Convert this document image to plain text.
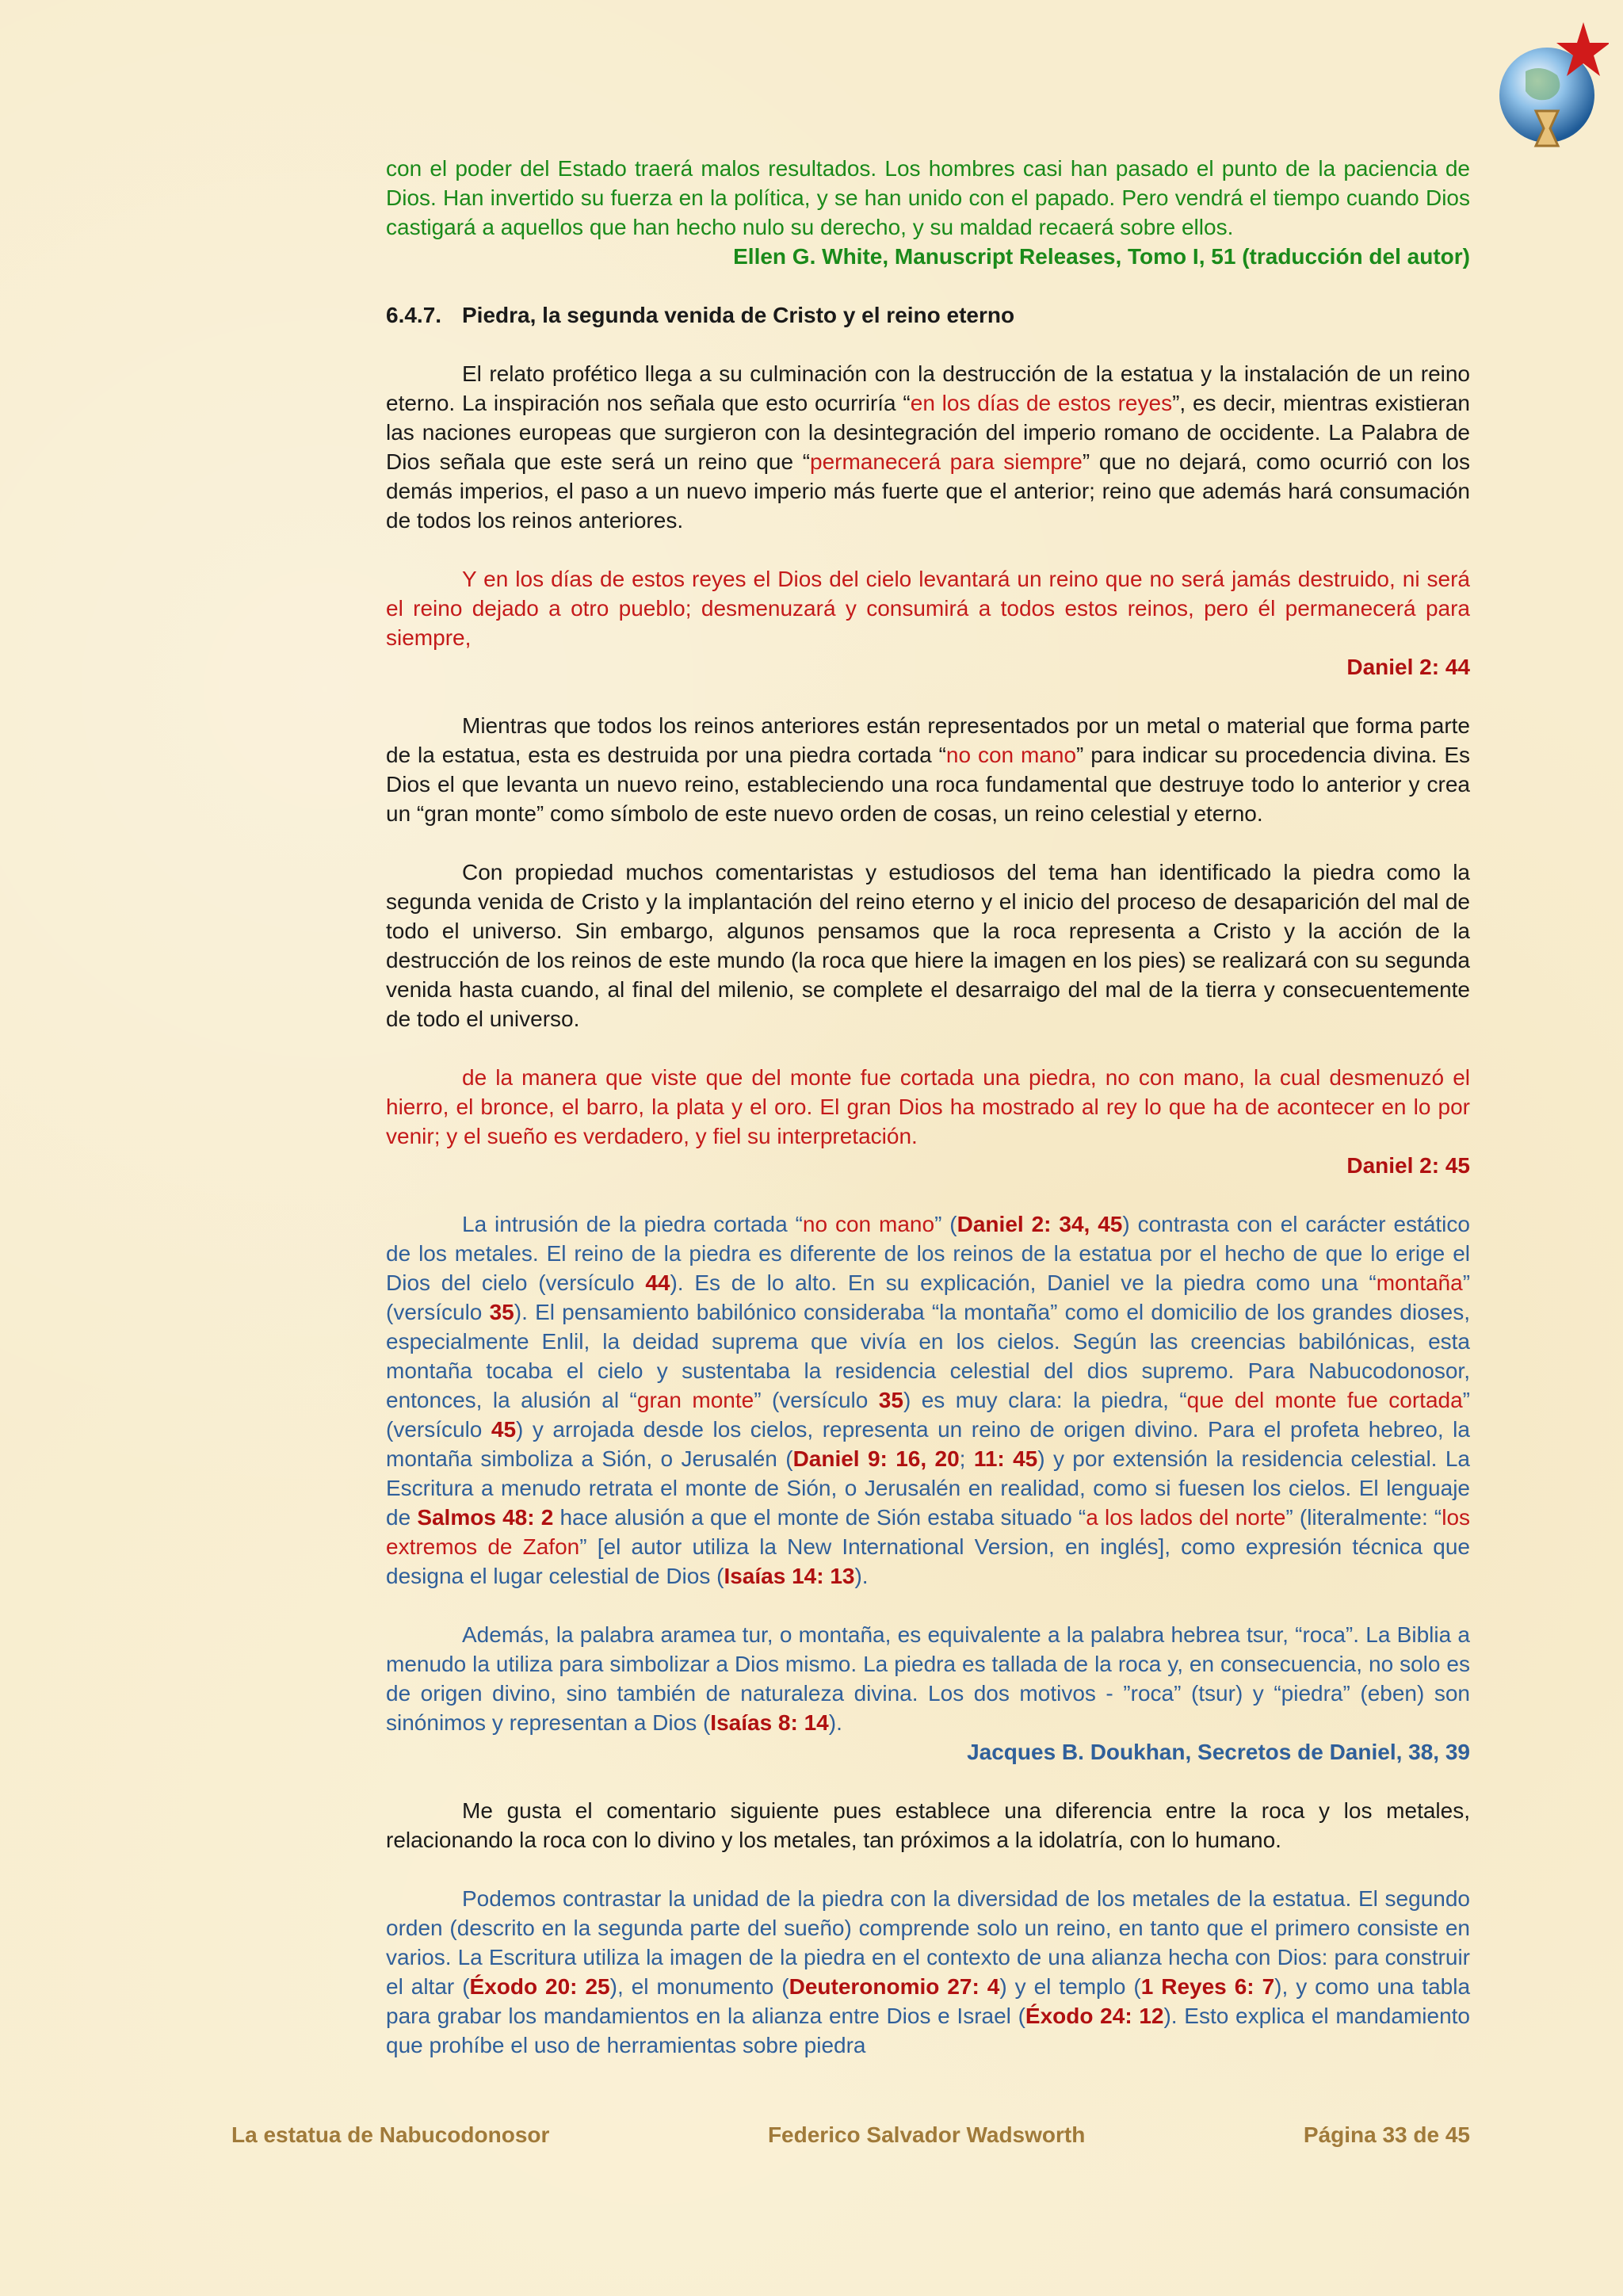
con el poder del Estado traerá malos resultados. Los hombres casi han pasado el punto de la paciencia de Dios. Han invertido su fuerza en la política, y se han unido con el papado. Pero vendrá el tiempo cuando Dios castigará a aquellos que han hecho nulo su derecho, y su maldad recaerá sobre ellos.

Ellen G. White, Manuscript Releases, Tomo I, 51 (traducción del autor)

6.4.7. Piedra, la segunda venida de Cristo y el reino eterno

El relato profético llega a su culminación con la destrucción de la estatua y la instalación de un reino eterno. La inspiración nos señala que esto ocurriría “en los días de estos reyes”, es decir, mientras existieran las naciones europeas que surgieron con la desintegración del imperio romano de occidente. La Palabra de Dios señala que este será un reino que “permanecerá para siempre” que no dejará, como ocurrió con los demás imperios, el paso a un nuevo imperio más fuerte que el anterior; reino que además hará consumación de todos los reinos anteriores.

Y en los días de estos reyes el Dios del cielo levantará un reino que no será jamás destruido, ni será el reino dejado a otro pueblo; desmenuzará y consumirá a todos estos reinos, pero él permanecerá para siempre,

Daniel 2: 44

Mientras que todos los reinos anteriores están representados por un metal o material que forma parte de la estatua, esta es destruida por una piedra cortada “no con mano” para indicar su procedencia divina. Es Dios el que levanta un nuevo reino, estableciendo una roca fundamental que destruye todo lo anterior y crea un “gran monte” como símbolo de este nuevo orden de cosas, un reino celestial y eterno.

Con propiedad muchos comentaristas y estudiosos del tema han identificado la piedra como la segunda venida de Cristo y la implantación del reino eterno y el inicio del proceso de desaparición del mal de todo el universo. Sin embargo, algunos pensamos que la roca representa a Cristo y la acción de la destrucción de los reinos de este mundo (la roca que hiere la imagen en los pies) se realizará con su segunda venida hasta cuando, al final del milenio, se complete el desarraigo del mal de la tierra y consecuentemente de todo el universo.

de la manera que viste que del monte fue cortada una piedra, no con mano, la cual desmenuzó el hierro, el bronce, el barro, la plata y el oro. El gran Dios ha mostrado al rey lo que ha de acontecer en lo por venir; y el sueño es verdadero, y fiel su interpretación.

Daniel 2: 45

La intrusión de la piedra cortada “no con mano” (Daniel 2: 34, 45) contrasta con el carácter estático de los metales. El reino de la piedra es diferente de los reinos de la estatua por el hecho de que lo erige el Dios del cielo (versículo 44). Es de lo alto. En su explicación, Daniel ve la piedra como una “montaña” (versículo 35). El pensamiento babilónico consideraba “la montaña” como el domicilio de los grandes dioses, especialmente Enlil, la deidad suprema que vivía en los cielos. Según las creencias babilónicas, esta montaña tocaba el cielo y sustentaba la residencia celestial del dios supremo. Para Nabucodonosor, entonces, la alusión al “gran monte” (versículo 35) es muy clara: la piedra, “que del monte fue cortada” (versículo 45) y arrojada desde los cielos, representa un reino de origen divino. Para el profeta hebreo, la montaña simboliza a Sión, o Jerusalén (Daniel 9: 16, 20; 11: 45) y por extensión la residencia celestial. La Escritura a menudo retrata el monte de Sión, o Jerusalén en realidad, como si fuesen los cielos. El lenguaje de Salmos 48: 2 hace alusión a que el monte de Sión estaba situado “a los lados del norte” (literalmente: “los extremos de Zafon” [el autor utiliza la New International Version, en inglés], como expresión técnica que designa el lugar celestial de Dios (Isaías 14: 13).

Además, la palabra aramea tur, o montaña, es equivalente a la palabra hebrea tsur, “roca”. La Biblia a menudo la utiliza para simbolizar a Dios mismo. La piedra es tallada de la roca y, en consecuencia, no solo es de origen divino, sino también de naturaleza divina. Los dos motivos - ”roca” (tsur) y “piedra” (eben) son sinónimos y representan a Dios (Isaías 8: 14).

Jacques B. Doukhan, Secretos de Daniel, 38, 39

Me gusta el comentario siguiente pues establece una diferencia entre la roca y los metales, relacionando la roca con lo divino y los metales, tan próximos a la idolatría, con lo humano.

Podemos contrastar la unidad de la piedra con la diversidad de los metales de la estatua. El segundo orden (descrito en la segunda parte del sueño) comprende solo un reino, en tanto que el primero consiste en varios. La Escritura utiliza la imagen de la piedra en el contexto de una alianza hecha con Dios: para construir el altar (Éxodo 20: 25), el monumento (Deuteronomio 27: 4) y el templo (1 Reyes 6: 7), y como una tabla para grabar los mandamientos en la alianza entre Dios e Israel (Éxodo 24: 12). Esto explica el mandamiento que prohíbe el uso de herramientas sobre piedra

La estatua de Nabucodonosor	Federico Salvador Wadsworth	Página 33 de 45
